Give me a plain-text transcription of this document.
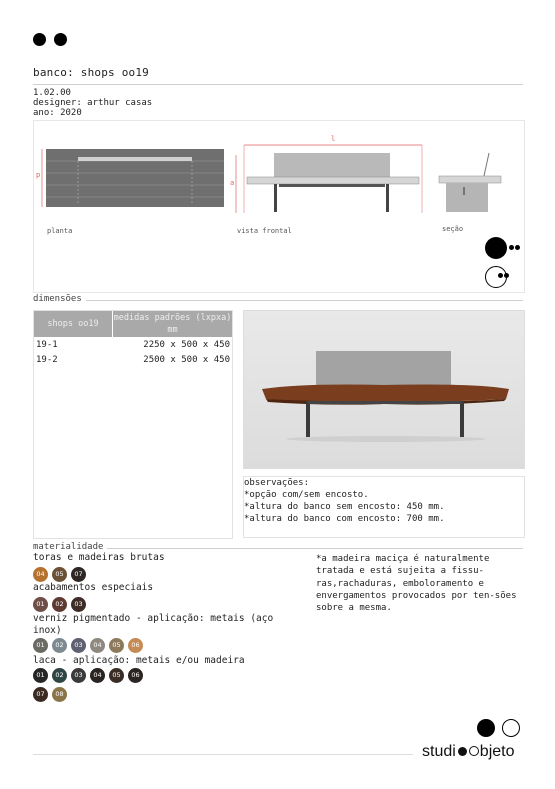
banco: shops oo19
1.02.00
designer: arthur casas
ano: 2020
p
l
a
planta	vista frontal	seção
dimensões
shops oo19
medidas padrões (lxpxa) mm
19-1	2250 x 500 x 450
19-2	2500 x 500 x 450
observações:
*opção com/sem encosto.
*altura do banco sem encosto: 450 mm.
*altura do banco com encosto: 700 mm.
materialidade
toras e madeiras brutas
acabamentos especiais
verniz pigmentado - aplicação: metais (aço inox)
laca - aplicação: metais e/ou madeira
04	05	07
01	02	03
01	02	03	04	05	06
01	02	03	04	05	06
07	08
*a madeira maciça é naturalmente tratada e está sujeita a fissu-ras,rachaduras, emboloramento e envergamentos provocados por ten-sões sobre a mesma.
studi bjeto
